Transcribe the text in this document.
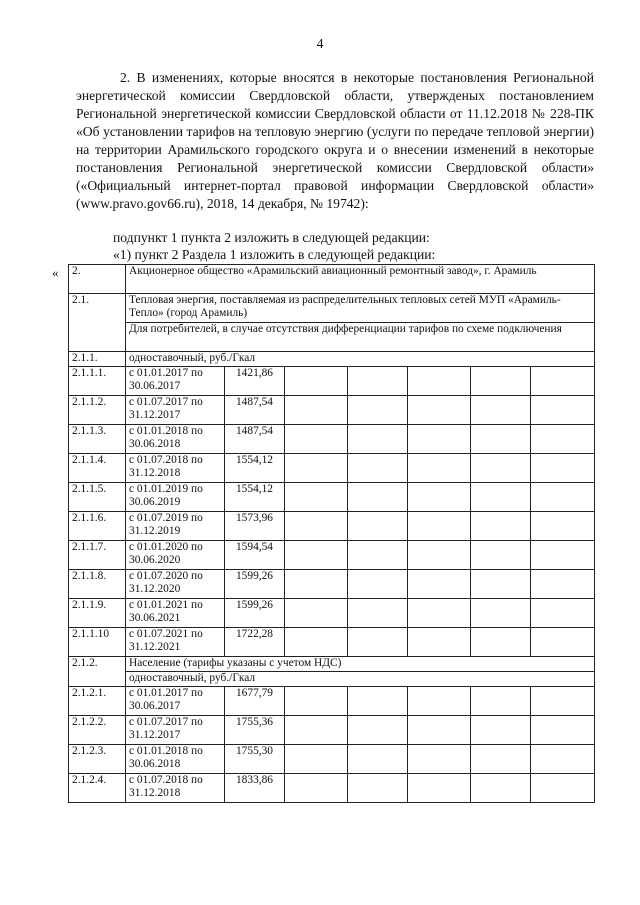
4

2. В изменениях, которые вносятся в некоторые постановления Региональной энергетической комиссии Свердловской области, утвержденых постановлением Региональной энергетической комиссии Свердловской области от 11.12.2018 № 228-ПК «Об установлении тарифов на тепловую энергию (услуги по передаче тепловой энергии) на территории Арамильского городского округа и о внесении изменений в некоторые постановления Региональной энергетической комиссии Свердловской области» («Официальный интернет-портал правовой информации Свердловской области» (www.pravo.gov66.ru), 2018, 14 декабря, № 19742):

подпункт 1 пункта 2 изложить в следующей редакции:
«1) пункт 2 Раздела 1 изложить в следующей редакции:
« 2.	Акционерное общество «Арамильский авиационный ремонтный завод», г. Арамиль						
2.1.	Тепловая энергия, поставляемая из распределительных тепловых сетей МУП «Арамиль-Тепло» (город Арамиль)						
	Для потребителей, в случае отсутствия дифференциации тарифов по схеме подключения						
2.1.1.	одноставочный, руб./Гкал						
2.1.1.1.	с 01.01.2017 по
30.06.2017	1421,86					
2.1.1.2.	с 01.07.2017 по
31.12.2017	1487,54					
2.1.1.3.	с 01.01.2018 по
30.06.2018	1487,54					
2.1.1.4.	с 01.07.2018 по
31.12.2018	1554,12					
2.1.1.5.	с 01.01.2019 по
30.06.2019	1554,12					
2.1.1.6.	с 01.07.2019 по
31.12.2019	1573,96					
2.1.1.7.	с 01.01.2020 по
30.06.2020	1594,54					
2.1.1.8.	с 01.07.2020 по
31.12.2020	1599,26					
2.1.1.9.	с 01.01.2021 по
30.06.2021	1599,26					
2.1.1.10	с 01.07.2021 по
31.12.2021	1722,28					
2.1.2.	Население (тарифы указаны с учетом НДС)						
	одноставочный, руб./Гкал						
2.1.2.1.	с 01.01.2017 по
30.06.2017	1677,79					
2.1.2.2.	с 01.07.2017 по
31.12.2017	1755,36					
2.1.2.3.	с 01.01.2018 по
30.06.2018	1755,30					
2.1.2.4.	с 01.07.2018 по
31.12.2018	1833,86					
